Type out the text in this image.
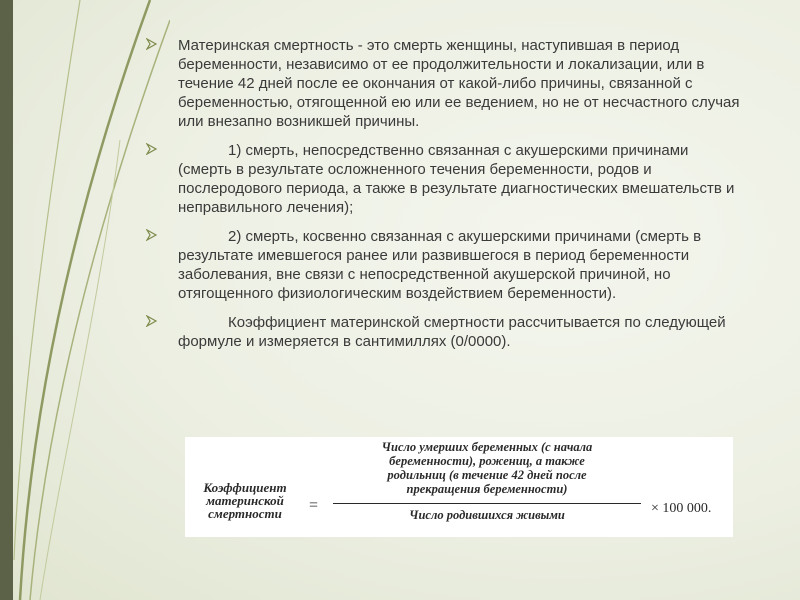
Материнская смертность - это смерть женщины, наступившая в период беременности, независимо от ее продолжительности и локализации, или в течение 42 дней после ее окончания от какой-либо причины, связанной с беременностью, отягощенной ею или ее ведением, но не от несчастного случая или внезапно возникшей причины.
1) смерть, непосредственно связанная с акушерскими причинами (смерть в результате осложненного течения беременности, родов и послеродового периода, а также в результате диагностических вмешательств и неправильного лечения);
2) смерть, косвенно связанная с акушерскими причинами (смерть в результате имевшегося ранее или развившегося в период беременности заболевания, вне связи с непосредственной акушерской причиной, но отягощенного физиологическим воздействием беременности).
Коэффициент материнской смертности рассчитывается по следующей формуле и измеряется в сантимиллях (0/0000).
Коэффициент
материнской
смертности	=
Число умерших беременных (с начала
беременности), рожениц, а также
родильниц (в течение 42 дней после
прекращения беременности)
Число родившихся живыми	× 100 000.
